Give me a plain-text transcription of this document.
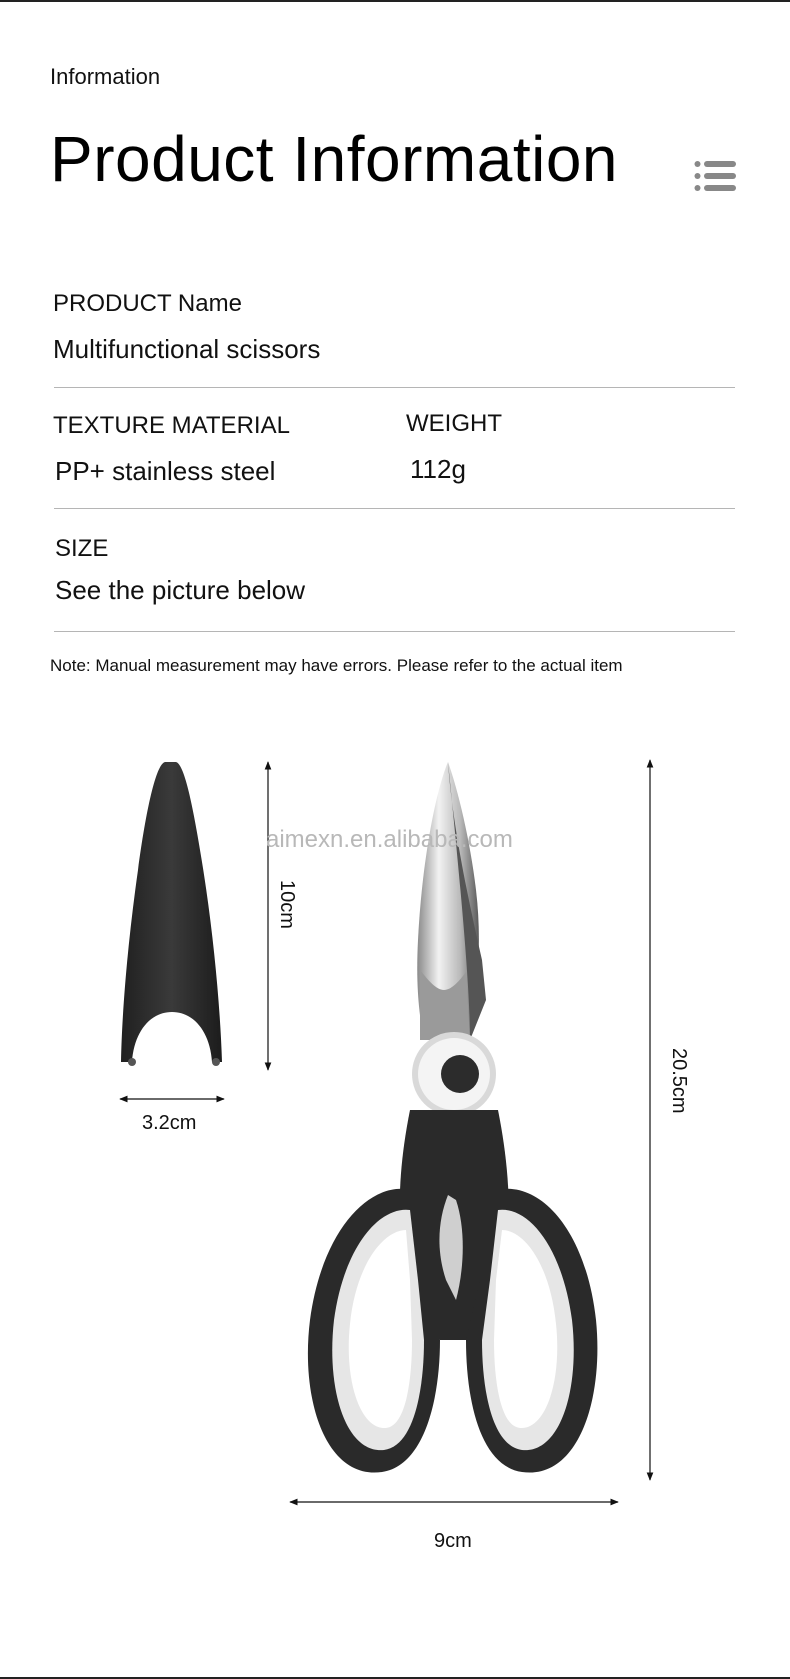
Information
Product Information
PRODUCT Name
Multifunctional scissors
TEXTURE MATERIAL
PP+ stainless steel
WEIGHT
112g
SIZE
See the picture below
Note: Manual measurement may have errors. Please refer to the actual item
aimexn.en.alibaba.com
10cm
3.2cm
20.5cm
9cm
